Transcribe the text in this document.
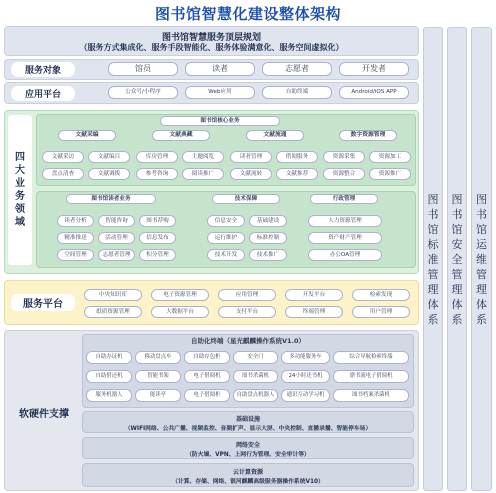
图书馆智慧化建设整体架构
图
书
馆
标
准
管
理
体
系
图
书
馆
安
全
管
理
体
系
图
书
馆
运
维
管
理
体
系
图书馆智慧服务顶层规划
（服务方式集成化、服务手段智能化、服务体验满意化、服务空间虚拟化）
服务对象	馆员	读者	志愿者	开发者
应用平台	公众号/小程序	Web应用	自助终端	Android/iOS APP
四
大
业
务
领
域
图书馆核心业务
文献采编
文献采访	文献编目
盘点清查	文献调拨
文献典藏
库房管理	主题阅览
参考咨询	阅读推广
文献流通
读者管理	借阅服务
文献流转	文献推荐
数字资源管理
资源采集	资源加工
资源整合	资源推广
图书馆读者业务	技术保障	行政管理
读者分析	智能咨询	图书荐购
精准推送	活动管理	信息发布
空间管理	志愿者管理	积分管理
信息安全	基础建设
运行维护	标准控制
技术开发	技术推广
人力资源管理
资产财产管理
办公OA管理
服务平台
中央知识库	电子资源管理	应用管理	开发平台	检索发现
纸质资源管理	大数据平台	支付平台	终端管理	用户管理
软硬件支撑
自助化终端（星光麒麟操作系统V1.0）
自助办证机	移动盘点车	自助存包柜	安全门	多功能服务车	综合导航检索终端
自助借还机	智能书架	电子借阅机	图书杀菌机	24小时还书机	漂书流电子借阅机
服务机器人	能读亭	电子借阅柜	自助盘点机器人	通识互动学习机	图书档案杀菌机
基础设施
（WIFI网络、公共广播、视频监控、音频扩声、显示大屏、中央控制、直播录播、智能停车场）
网络安全
（防火墙、VPN、上网行为管理、安全审计等）
云计算资源
（计算、存储、网络、银河麒麟高级服务器操作系统V10）
